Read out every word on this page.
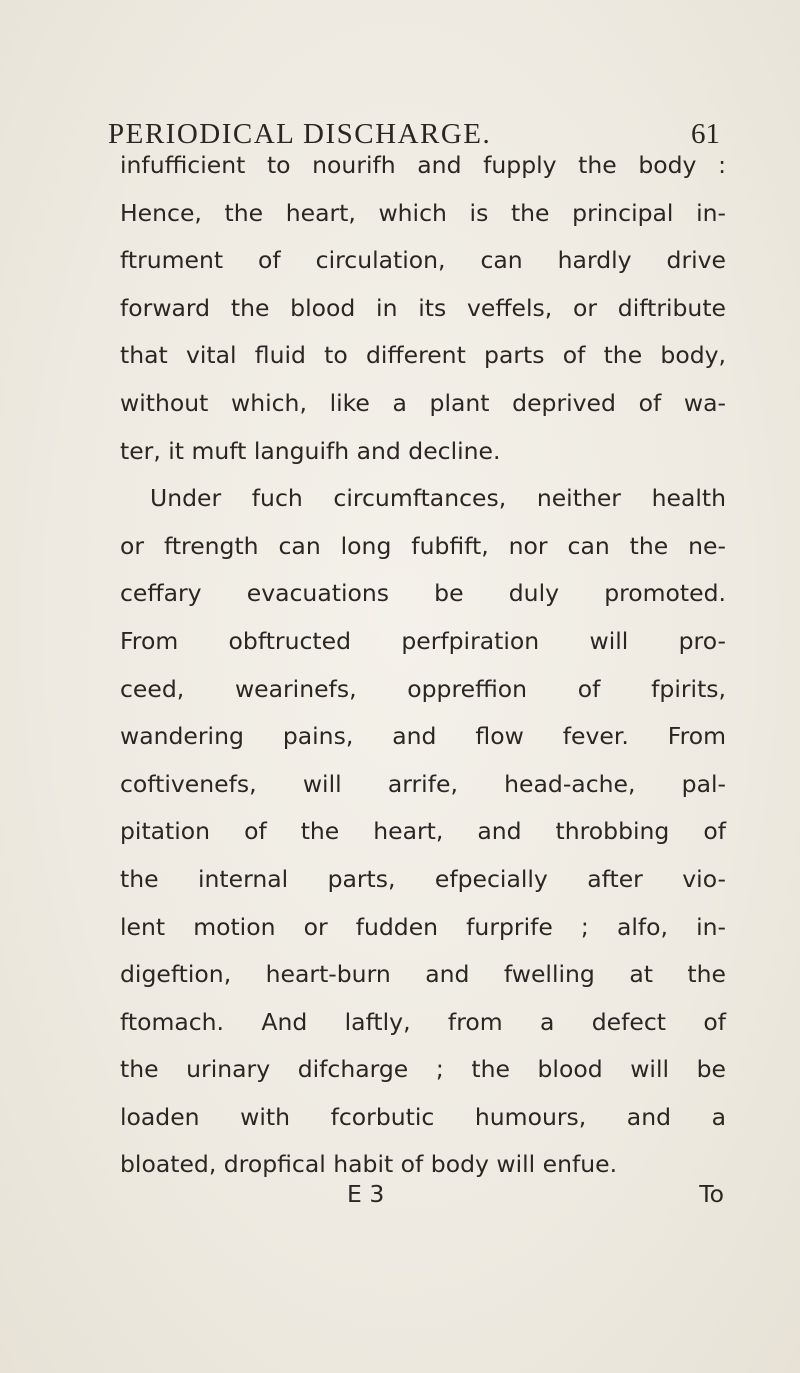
PERIODICAL DISCHARGE.	61
infufficient to nourifh and fupply the body :
Hence, the heart, which is the principal in-
ftrument of circulation, can hardly drive
forward the blood in its veffels, or diftribute
that vital fluid to different parts of the body,
without which, like a plant deprived of wa-
ter, it muft languifh and decline.
Under fuch circumftances, neither health
or ftrength can long fubfift, nor can the ne-
ceffary evacuations be duly promoted.
From obftructed perfpiration will pro-
ceed, wearinefs, oppreffion of fpirits,
wandering pains, and flow fever. From
coftivenefs, will arrife, head-ache, pal-
pitation of the heart, and throbbing of
the internal parts, efpecially after vio-
lent motion or fudden furprife ; alfo, in-
digeftion, heart-burn and fwelling at the
ftomach. And laftly, from a defect of
the urinary difcharge ; the blood will be
loaden with fcorbutic humours, and a
bloated, dropfical habit of body will enfue.
E 3	To
